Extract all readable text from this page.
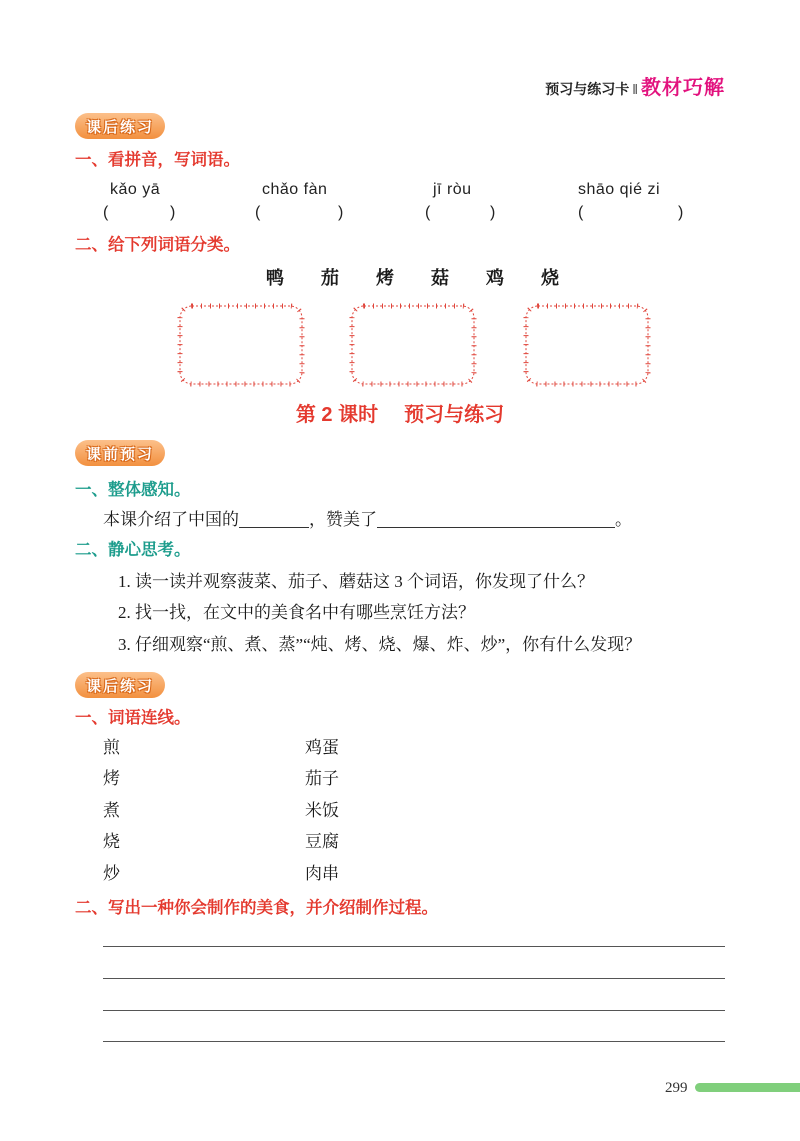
预习与练习卡 ‖ 教材巧解
课后练习
一、看拼音，写词语。
kǎo yā	chǎo fàn	jī ròu	shāo qié zi
(	)	(	)	(	)	(	)
二、给下列词语分类。
鸭 茄 烤 菇 鸡 烧
第 2 课时 预习与练习
课前预习
一、整体感知。
本课介绍了中国的	，赞美了	。
二、静心思考。
1. 读一读并观察菠菜、茄子、蘑菇这 3 个词语，你发现了什么？
2. 找一找，在文中的美食名中有哪些烹饪方法？
3. 仔细观察“煎、煮、蒸”“炖、烤、烧、爆、炸、炒”，你有什么发现？
课后练习
一、词语连线。
煎
烤
煮
烧
炒
鸡蛋
茄子
米饭
豆腐
肉串
二、写出一种你会制作的美食，并介绍制作过程。
299
